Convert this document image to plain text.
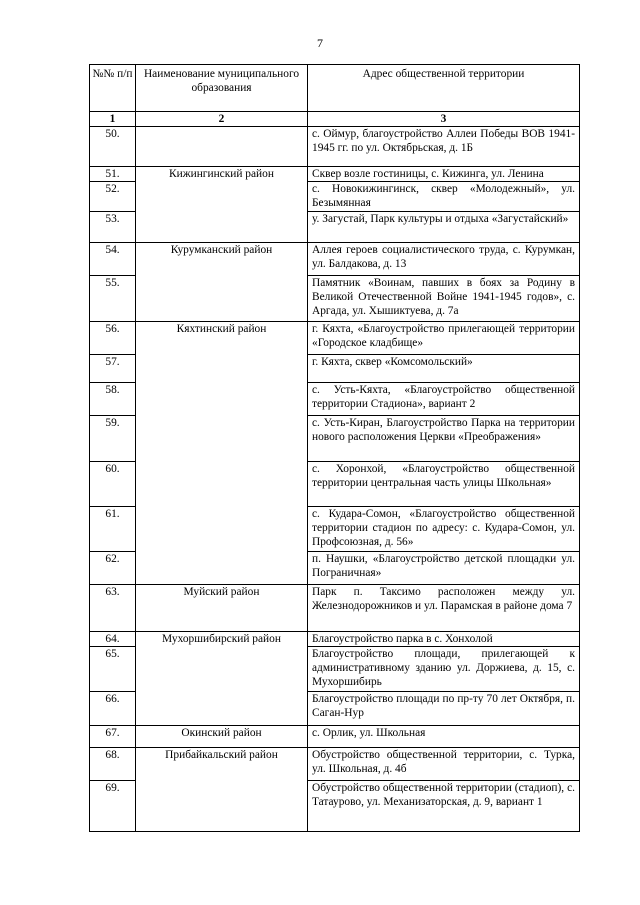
7
№№ п/п	Наименование муниципального образования	Адрес общественной территории
1	2	3
50.		с. Оймур, благоустройство Аллеи Победы ВОВ 1941-1945 гг. по ул. Октябрьская, д. 1Б
51.	Кижингинский район	Сквер возле гостиницы, с. Кижинга, ул. Ленина
52.		с. Новокижингинск, сквер «Молодежный», ул. Безымянная
53.		у. Загустай, Парк культуры и отдыха «Загустайский»
54.	Курумканский район	Аллея героев социалистического труда, с. Курумкан, ул. Балдакова, д. 13
55.		Памятник «Воинам, павших в боях за Родину в Великой Отечественной Войне 1941-1945 годов», с. Аргада, ул. Хышиктуева, д. 7а
56.	Кяхтинский район	г. Кяхта, «Благоустройство прилегающей территории «Городское кладбище»
57.		г. Кяхта, сквер «Комсомольский»
58.		с. Усть-Кяхта, «Благоустройство общественной территории Стадиона», вариант 2
59.		с. Усть-Киран, Благоустройство Парка на территории нового расположения Церкви «Преображения»
60.		с. Хоронхой, «Благоустройство общественной территории центральная часть улицы Школьная»
61.		с. Кудара-Сомон, «Благоустройство общественной территории стадион по адресу: с. Кудара-Сомон, ул. Профсоюзная, д. 56»
62.		п. Наушки, «Благоустройство детской площадки ул. Пограничная»
63.	Муйский район	Парк п. Таксимо расположен между ул. Железнодорожников и ул. Парамская в районе дома 7
64.	Мухоршибирский район	Благоустройство парка в с. Хонхолой
65.		Благоустройство площади, прилегающей к административному зданию ул. Доржиева, д. 15, с. Мухоршибирь
66.		Благоустройство площади по пр-ту 70 лет Октября, п. Саган-Нур
67.	Окинский район	с. Орлик, ул. Школьная
68.	Прибайкальский район	Обустройство общественной территории, с. Турка, ул. Школьная, д. 4б
69.		Обустройство общественной территории (стадиоп), с. Татаурово, ул. Механизаторская, д. 9, вариант 1
